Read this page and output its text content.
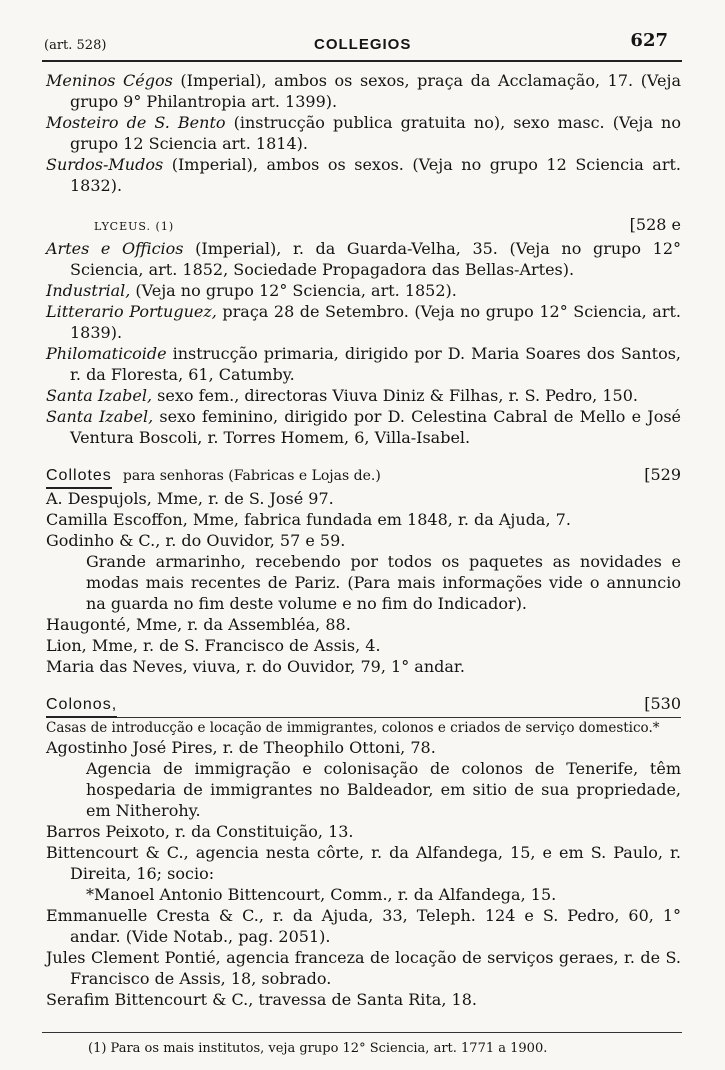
(art. 528)	COLLEGIOS	627
Meninos Cégos (Imperial), ambos os sexos, praça da Acclamação, 17. (Veja grupo 9° Philantropia art. 1399).
Mosteiro de S. Bento (instrucção publica gratuita no), sexo masc. (Veja no grupo 12 Sciencia art. 1814).
Surdos-Mudos (Imperial), ambos os sexos. (Veja no grupo 12 Sciencia art. 1832).
LYCEUS. (1)	[528 e
Artes e Officios (Imperial), r. da Guarda-Velha, 35. (Veja no grupo 12° Sciencia, art. 1852, Sociedade Propagadora das Bellas-Artes).
Industrial, (Veja no grupo 12° Sciencia, art. 1852).
Litterario Portuguez, praça 28 de Setembro. (Veja no grupo 12° Sciencia, art. 1839).
Philomaticoide instrucção primaria, dirigido por D. Maria Soares dos Santos, r. da Floresta, 61, Catumby.
Santa Izabel, sexo fem., directoras Viuva Diniz & Filhas, r. S. Pedro, 150.
Santa Izabel, sexo feminino, dirigido por D. Celestina Cabral de Mello e José Ventura Boscoli, r. Torres Homem, 6, Villa-Isabel.
Collotes para senhoras (Fabricas e Lojas de.)	[529
A. Despujols, Mme, r. de S. José 97.
Camilla Escoffon, Mme, fabrica fundada em 1848, r. da Ajuda, 7.
Godinho & C., r. do Ouvidor, 57 e 59.
Grande armarinho, recebendo por todos os paquetes as novidades e modas mais recentes de Pariz. (Para mais informações vide o annuncio na guarda no fim deste volume e no fim do Indicador).
Haugonté, Mme, r. da Assembléa, 88.
Lion, Mme, r. de S. Francisco de Assis, 4.
Maria das Neves, viuva, r. do Ouvidor, 79, 1° andar.
Colonos,	[530
Casas de introducção e locação de immigrantes, colonos e criados de serviço domestico.*
Agostinho José Pires, r. de Theophilo Ottoni, 78.
Agencia de immigração e colonisação de colonos de Tenerife, têm hospedaria de immigrantes no Baldeador, em sitio de sua propriedade, em Nitherohy.
Barros Peixoto, r. da Constituição, 13.
Bittencourt & C., agencia nesta côrte, r. da Alfandega, 15, e em S. Paulo, r. Direita, 16; socio:
*Manoel Antonio Bittencourt, Comm., r. da Alfandega, 15.
Emmanuelle Cresta & C., r. da Ajuda, 33, Teleph. 124 e S. Pedro, 60, 1° andar. (Vide Notab., pag. 2051).
Jules Clement Pontié, agencia franceza de locação de serviços geraes, r. de S. Francisco de Assis, 18, sobrado.
Serafim Bittencourt & C., travessa de Santa Rita, 18.
(1) Para os mais institutos, veja grupo 12° Sciencia, art. 1771 a 1900.
